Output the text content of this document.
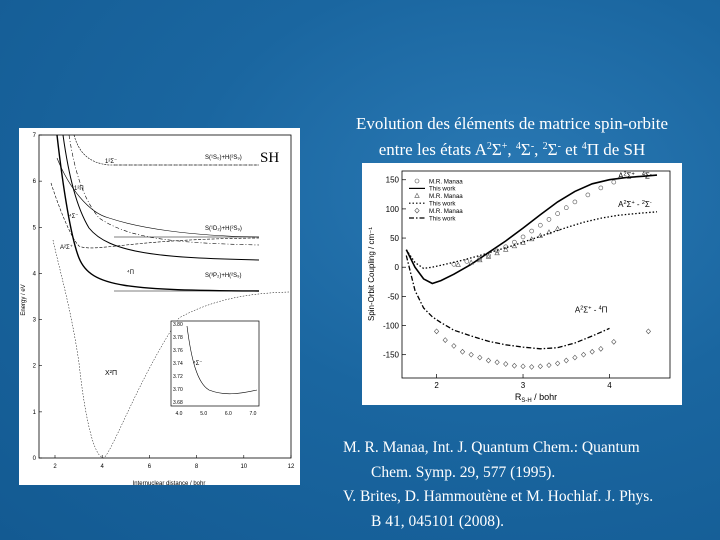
Evolution des éléments de matrice spin-orbite
entre les états $A^2\Sigma^+$, $^4$Σ-, $^2$Σ- et $^4$Π de SH
0
1
2
3
4
5
6
7
2	4	6	8	10	12
Energy / eV
Internuclear distance / bohr
S(¹S₀)+H(²S₉)
S(¹D₂)+H(²S₉)
S(³P₂)+H(²S₉)
SH
1²Σ⁻
1²Π
⁴Σ⁻
A²Σ⁺
⁴Π
X²Π
3.80
3.78
3.76
3.74
3.72
3.70
3.68
4.0	5.0	6.0	7.0
⁴Σ⁻
-150
-100
-50
0
50
100
150
2	3	4
Spin-Orbit Coupling / cm⁻¹
$R_{S-H}$ / bohr
M.R. Manaa
This work
M.R. Manaa
This work
M.R. Manaa
This work
$A^2\Sigma^+ - ^4\Sigma^-$
$A^2\Sigma^+ - ^2\Sigma^-$
$A^2\Sigma^+ - ^4\Pi$
M. R. Manaa, Int. J. Quantum Chem.: Quantum
Chem. Symp. 29, 577 (1995).
V. Brites, D. Hammoutène et M. Hochlaf. J. Phys.
B 41, 045101 (2008).
